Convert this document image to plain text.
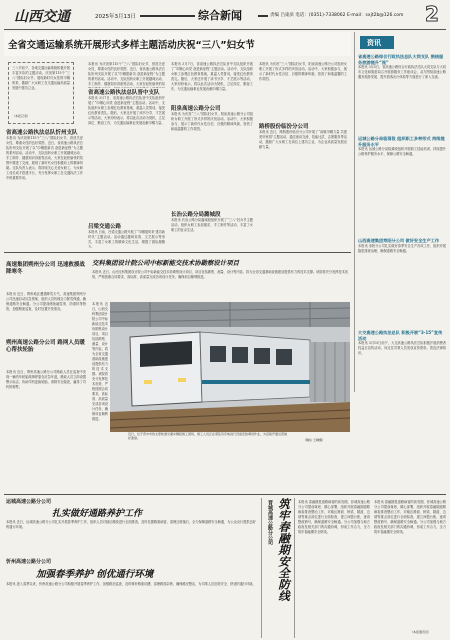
山西交通	2025年3月13日	综合新闻	责编 吕東滨 电话：(0351)-7338062 E-mail：sxjt2b@126.com 2
全省交通运输系统开展形式多样主题活动庆祝“三八”妇女节
三八节前夕，各地交通运输系统积极开展丰富多彩的主题活动，庆祝第115个“三八”国际妇女节，展现新时代女性的巾帼风采，激励广大女职工在交通运输高质量发展中建功立业。
（本报记者）
省高速公路执法总队忻州支队
本报讯 为庆祝第115个“三八”国际妇女节，营造关爱女性、尊重女性的良好氛围，近日，省高速公路执法总队忻州支队开展了以“巾帼建新功 奋进新征程”为主题的系列活动。活动中，支队组织女职工开展趣味运动、手工制作、健康知识讲座等活动，大家在轻松愉快的氛围中增进了交流，展现了新时代女性积极向上的精神风貌。支队负责人表示，将持续关心关爱女职工，为女职工成长成才搭建平台，充分发挥女职工在交通执法工作中的重要作用。
本报讯 为庆祝第115个“三八”国际妇女节，营造关爱女性、尊重女性的良好氛围，近日，省高速公路执法总队忻州支队开展了以“巾帼建新功 奋进新征程”为主题的系列活动。活动中，支队组织女职工开展趣味运动、手工制作、健康知识讲座等活动，大家在轻松愉快的氛
省高速公路执法总队晋中支队
本报讯 3月7日，省高速公路执法总队晋中支队组织开展了“巾帼心向党 奋进新征程”主题活动。活动中，支队组织女职工参观红色教育基地，重温入党誓词，接受红色教育洗礼。随后，大家还开展了读书分享、才艺展示等活动，大家纷纷表示，将以此次活动为契机，立足岗位、勤奋工作，为交通运输事业发展贡献巾帼力量。
吕梁交通公路
本报讯 日前，吕梁交通公路开展了“巾帼展风采 建功新时代”主题活动。活动通过趣味竞赛、文艺展示等形式，丰富了女职工的精神文化生活，增强了团队凝聚力。
本报讯 3月7日，省高速公路执法总队晋中支队组织开展了“巾帼心向党 奋进新征程”主题活动。活动中，支队组织女职工参观红色教育基地，重温入党誓词，接受红色教育洗礼。随后，大家还开展了读书分享、才艺展示等活动，大家纷纷表示，将以此次活动为契机，立足岗位、勤奋工作，为交通运输事业发展贡献巾帼力量。
阳泉高速公路分公司
本报讯 为庆祝“三八”国际妇女节，阳泉高速公路分公司组织女职工开展了形式多样的庆祝活动。活动中，大家积极参与，展示了新时代女性自信、自强的精神风貌，营造了和谐温馨的工作氛围。
长治公路分局潞城段
本报讯 长治公路分局潞城段组织开展了“三八”妇女节主题活动，组织女职工参加插花、手工制作等活动，丰富了女职工的业余生活。
本报讯 为庆祝“三八”国际妇女节，阳泉高速公路分公司组织女职工开展了形式多样的庆祝活动。活动中，大家积极参与，展示了新时代女性自信、自强的精神风貌，营造了和谐温馨的工作氛围。
路桥股份临汾分公司
本报讯 近日，路桥股份临汾分公司开展了“致敬巾帼力量 共建美好家园”主题活动，通过座谈交流、技能比武、志愿服务等活动，激励广大女职工在岗位上建功立业，为企业高质量发展贡献力量。
资讯
省高速公路综合行政执法总队大同支队 围绕服务旅游提升“流”
本报讯 3月5日，省高速公路综合行政执法总队大同支队与大同市文化和旅游局召开旅游服务工作座谈会，双方围绕高速公路服务旅游发展、提升游客出行体验等方面进行了深入交流。
运城公路分局临猗段 组织职工多种形式 持续提升服务水平
本报讯 运城公路分局临猗段组织开展职工技能培训，持续提升公路养护服务水平，保障公路安全畅通。
山西高速集团寿阳分公司 做好安全生产工作
本报讯 寿阳分公司扎实做好春季安全生产各项工作，组织开展隐患排查治理，确保道路安全畅通。
大交高速公路执法总队 积极开展“3·15”宣传活动
本报讯 3月15日前夕，大交高速公路执法总队积极开展消费者权益日宣传活动，向过往司乘人员发放宣传资料，普及法律知识。
高速集团朔州分公司 迅速救援战降寒冬
本报讯 近日，朔州地区遭遇降雪天气，高速集团朔州分公司迅速启动应急预案，组织人员机械全力除雪保通，确保道路安全畅通。分公司提前储备融雪剂、防滑料等物资，加强路面巡查，及时处置突发情况。
朔州高速公路分公司 路网人员暖心帮扶轮胎
本报讯 近日，朔州高速公路分公司路政人员在巡查中发现一辆货车轮胎故障停靠在应急车道，路政人员立即设置警示标志，协助司机更换轮胎，消除安全隐患，赢得了司机的称赞。
交科集团设计院公司中标新能交技术协勘察设计项目
本报讯 近日，山西交科集团设计院公司中标新能交技术协勘察设计项目，项目包括勘察、测量、设计等内容，将为全省交通基础设施建设提供有力的技术支撑。该院将充分发挥技术优势，严格按照合同要求，高标准、高质量完成各项设计任务，确保项目顺利推进。
近日，位于晋中市的太原轨道交通车辆段施工现场，施工人员正在紧张有序地进行设备安装调试作业，为后续开通运营做好准备。	（魏东 王翀摄）
本报讯 近日，山西交科集团设计院公司中标新能交技术协勘察设计项目，项目包括勘察、测量、设计等内容，将为全省交通基础设施建设提供有力的技术支撑。该院将充分发挥技术优势，严格按照合同要求，高标准、高质量完成各项设计任务，确保项目顺利推进。
运城高速公路分公司
扎实做好通路养护工作
本报讯 近日，运城高速公路分公司扎实开展春季养护工作，组织人员对辖区路段进行全面排查，及时处置路面病害，清理边坡落石，全力保障道路安全畅通，为公众出行提供良好的通行环境。
忻州高速公路分公司
加强春季养护 创优通行环境
本报讯 进入春季以来，忻州高速公路分公司积极开展春季养护工作，加强路况巡查，及时修补路面坑槽，清理路面杂物，确保路况整洁，为司乘人员创造安全、舒适的通行环境。
晋城高速公路分公司 筑牢春融期安全防线 本报讯 春融期是道路病害的高发期，晋城高速公路分公司提前谋划、精心部署，组织开展春融期道路病害排查整治工作，对辖区路面、桥梁、隧道、边坡等重点部位进行全面检查，建立问题台账，逐项整改销号，确保道路安全畅通。分公司加强与地方政府及相关部门的沟通协调，形成工作合力，全力筑牢春融期安全防线。
本报讯 春融期是道路病害的高发期，晋城高速公路分公司提前谋划、精心部署，组织开展春融期道路病害排查整治工作，对辖区路面、桥梁、隧道、边坡等重点部位进行全面检查，建立问题台账，逐项整改销号，确保道路安全畅通。分公司加强与地方政府及相关部门的沟通协调，形成工作合力，全力筑牢春融期安全防线。
（本报通讯员）
